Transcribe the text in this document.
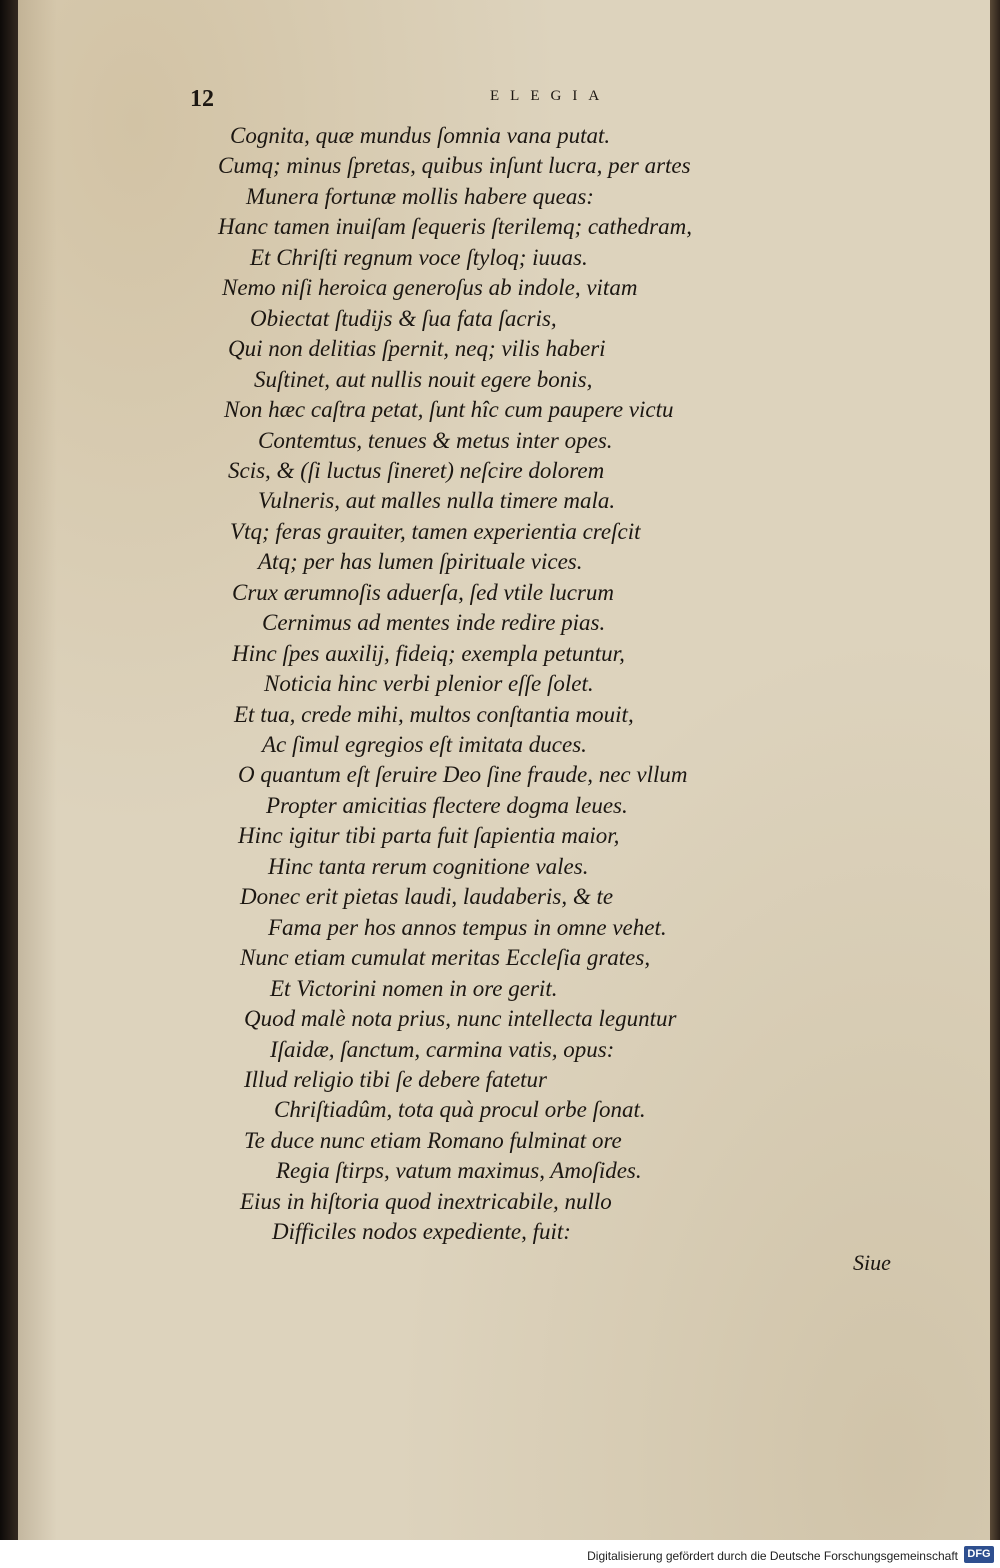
12	ELEGIA

Cognita, quæ mundus ſomnia vana putat.

Cumq; minus ſpretas, quibus inſunt lucra, per artes

Munera fortunæ mollis habere queas:

Hanc tamen inuiſam ſequeris ſterilemq; cathedram,

Et Chriſti regnum voce ſtyloq; iuuas.

Nemo niſi heroica generoſus ab indole, vitam

Obiectat ſtudijs & ſua fata ſacris,

Qui non delitias ſpernit, neq; vilis haberi

Suſtinet, aut nullis nouit egere bonis,

Non hæc caſtra petat, ſunt hîc cum paupere victu

Contemtus, tenues & metus inter opes.

Scis, & (ſi luctus ſineret) neſcire dolorem

Vulneris, aut malles nulla timere mala.

Vtq; feras grauiter, tamen experientia creſcit

Atq; per has lumen ſpirituale vices.

Crux ærumnoſis aduerſa, ſed vtile lucrum

Cernimus ad mentes inde redire pias.

Hinc ſpes auxilij, fideiq; exempla petuntur,

Noticia hinc verbi plenior eſſe ſolet.

Et tua, crede mihi, multos conſtantia mouit,

Ac ſimul egregios eſt imitata duces.

O quantum eſt ſeruire Deo ſine fraude, nec vllum

Propter amicitias flectere dogma leues.

Hinc igitur tibi parta fuit ſapientia maior,

Hinc tanta rerum cognitione vales.

Donec erit pietas laudi, laudaberis, & te

Fama per hos annos tempus in omne vehet.

Nunc etiam cumulat meritas Eccleſia grates,

Et Victorini nomen in ore gerit.

Quod malè nota prius, nunc intellecta leguntur

Iſaidæ, ſanctum, carmina vatis, opus:

Illud religio tibi ſe debere fatetur

Chriſtiadûm, tota quà procul orbe ſonat.

Te duce nunc etiam Romano fulminat ore

Regia ſtirps, vatum maximus, Amoſides.

Eius in hiſtoria quod inextricabile, nullo

Difficiles nodos expediente, fuit:

Siue

Digitalisierung gefördert durch die Deutsche Forschungsgemeinschaft DFG
